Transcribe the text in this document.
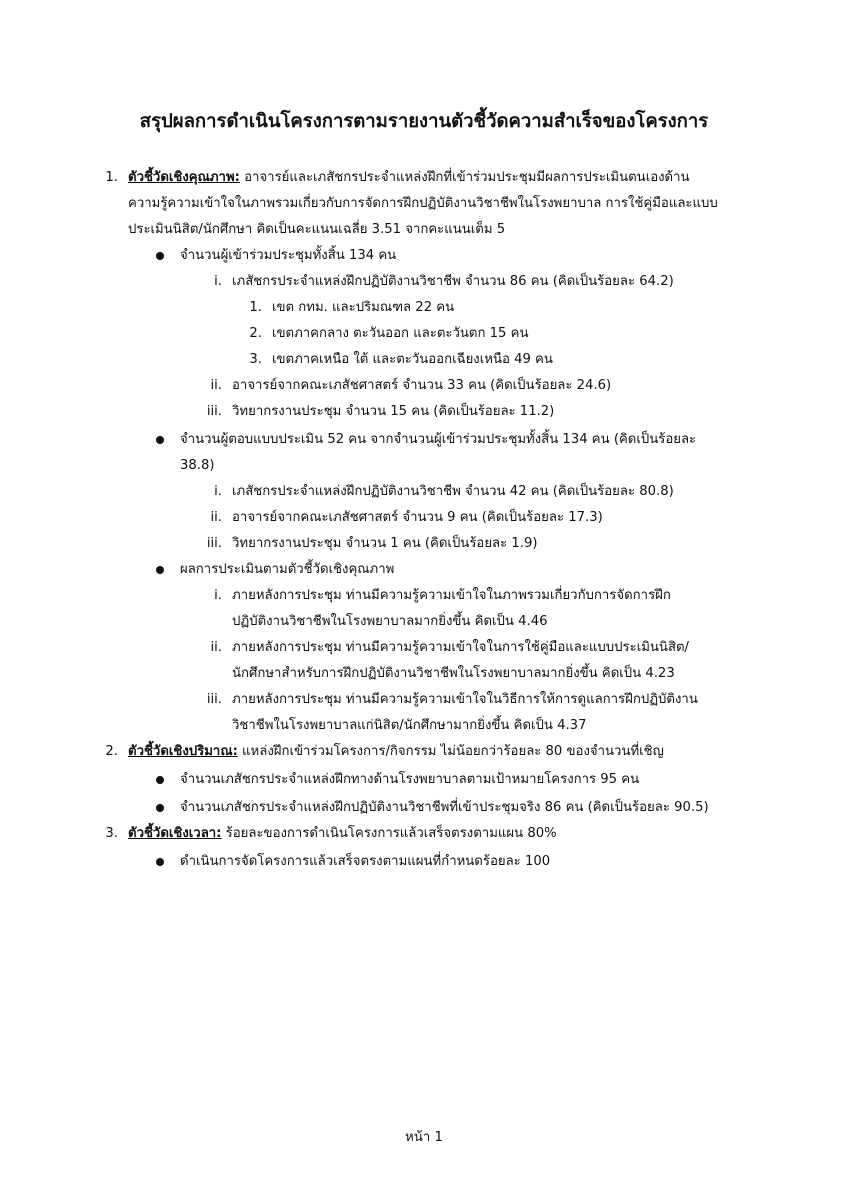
สรุปผลการดำเนินโครงการตามรายงานตัวชี้วัดความสำเร็จของโครงการ
1. ตัวชี้วัดเชิงคุณภาพ: อาจารย์และเภสัชกรประจำแหล่งฝึกที่เข้าร่วมประชุมมีผลการประเมินตนเองด้าน
ความรู้ความเข้าใจในภาพรวมเกี่ยวกับการจัดการฝึกปฏิบัติงานวิชาชีพในโรงพยาบาล การใช้คู่มือและแบบ
ประเมินนิสิต/นักศึกษา คิดเป็นคะแนนเฉลี่ย 3.51 จากคะแนนเต็ม 5
จำนวนผู้เข้าร่วมประชุมทั้งสิ้น 134 คน
i. เภสัชกรประจำแหล่งฝึกปฏิบัติงานวิชาชีพ จำนวน 86 คน (คิดเป็นร้อยละ 64.2)
1. เขต กทม. และปริมณฑล 22 คน
2. เขตภาคกลาง ตะวันออก และตะวันตก 15 คน
3. เขตภาคเหนือ ใต้ และตะวันออกเฉียงเหนือ 49 คน
ii. อาจารย์จากคณะเภสัชศาสตร์ จำนวน 33 คน (คิดเป็นร้อยละ 24.6)
iii. วิทยากรงานประชุม จำนวน 15 คน (คิดเป็นร้อยละ 11.2)
จำนวนผู้ตอบแบบประเมิน 52 คน จากจำนวนผู้เข้าร่วมประชุมทั้งสิ้น 134 คน (คิดเป็นร้อยละ
38.8)
i. เภสัชกรประจำแหล่งฝึกปฏิบัติงานวิชาชีพ จำนวน 42 คน (คิดเป็นร้อยละ 80.8)
ii. อาจารย์จากคณะเภสัชศาสตร์ จำนวน 9 คน (คิดเป็นร้อยละ 17.3)
iii. วิทยากรงานประชุม จำนวน 1 คน (คิดเป็นร้อยละ 1.9)
ผลการประเมินตามตัวชี้วัดเชิงคุณภาพ
i. ภายหลังการประชุม ท่านมีความรู้ความเข้าใจในภาพรวมเกี่ยวกับการจัดการฝึก
ปฏิบัติงานวิชาชีพในโรงพยาบาลมากยิ่งขึ้น คิดเป็น 4.46
ii. ภายหลังการประชุม ท่านมีความรู้ความเข้าใจในการใช้คู่มือและแบบประเมินนิสิต/
นักศึกษาสำหรับการฝึกปฏิบัติงานวิชาชีพในโรงพยาบาลมากยิ่งขึ้น คิดเป็น 4.23
iii. ภายหลังการประชุม ท่านมีความรู้ความเข้าใจในวิธีการให้การดูแลการฝึกปฏิบัติงาน
วิชาชีพในโรงพยาบาลแก่นิสิต/นักศึกษามากยิ่งขึ้น คิดเป็น 4.37
2. ตัวชี้วัดเชิงปริมาณ: แหล่งฝึกเข้าร่วมโครงการ/กิจกรรม ไม่น้อยกว่าร้อยละ 80 ของจำนวนที่เชิญ
จำนวนเภสัชกรประจำแหล่งฝึกทางด้านโรงพยาบาลตามเป้าหมายโครงการ 95 คน
จำนวนเภสัชกรประจำแหล่งฝึกปฏิบัติงานวิชาชีพที่เข้าประชุมจริง 86 คน (คิดเป็นร้อยละ 90.5)
3. ตัวชี้วัดเชิงเวลา: ร้อยละของการดำเนินโครงการแล้วเสร็จตรงตามแผน 80%
ดำเนินการจัดโครงการแล้วเสร็จตรงตามแผนที่กำหนดร้อยละ 100
หน้า 1
